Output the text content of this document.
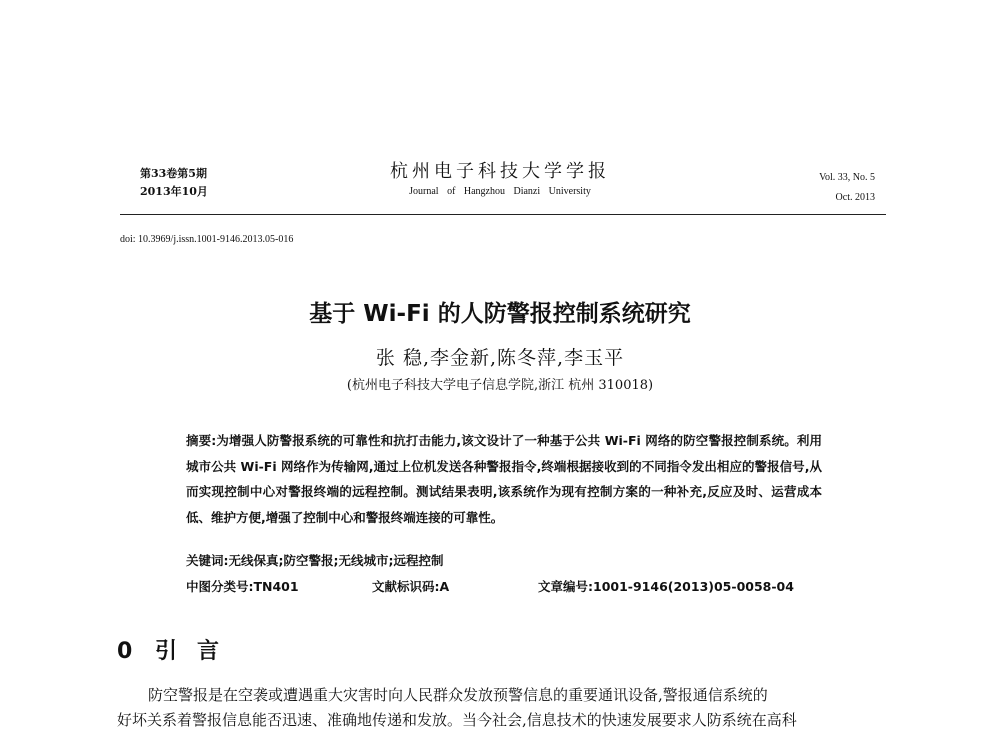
第33卷第5期
2013年10月
杭州电子科技大学学报
Journal of Hangzhou Dianzi University
Vol. 33, No. 5
Oct. 2013
doi: 10.3969/j.issn.1001-9146.2013.05-016
基于 Wi-Fi 的人防警报控制系统研究
张 稳,李金新,陈冬萍,李玉平
(杭州电子科技大学电子信息学院,浙江 杭州 310018)
摘要:为增强人防警报系统的可靠性和抗打击能力,该文设计了一种基于公共 Wi-Fi 网络的防空警报控制系统。利用城市公共 Wi-Fi 网络作为传输网,通过上位机发送各种警报指令,终端根据接收到的不同指令发出相应的警报信号,从而实现控制中心对警报终端的远程控制。测试结果表明,该系统作为现有控制方案的一种补充,反应及时、运营成本低、维护方便,增强了控制中心和警报终端连接的可靠性。
关键词:无线保真;防空警报;无线城市;远程控制
中图分类号:TN401	文献标识码:A	文章编号:1001-9146(2013)05-0058-04
0 引言
防空警报是在空袭或遭遇重大灾害时向人民群众发放预警信息的重要通讯设备,警报通信系统的
好坏关系着警报信息能否迅速、准确地传递和发放。当今社会,信息技术的快速发展要求人防系统在高科
